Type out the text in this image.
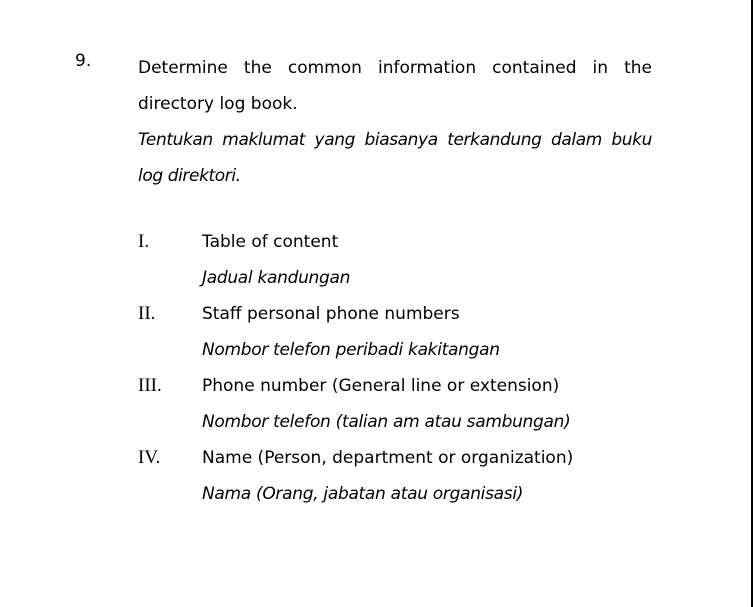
9.	Determine the common information contained in the

directory log book.

Tentukan maklumat yang biasanya terkandung dalam buku

log direktori.

I.	Table of content
Jadual kandungan
II.	Staff personal phone numbers
Nombor telefon peribadi kakitangan
III. Phone number (General line or extension)
Nombor telefon (talian am atau sambungan)
IV. Name (Person, department or organization)
Nama (Orang, jabatan atau organisasi)
